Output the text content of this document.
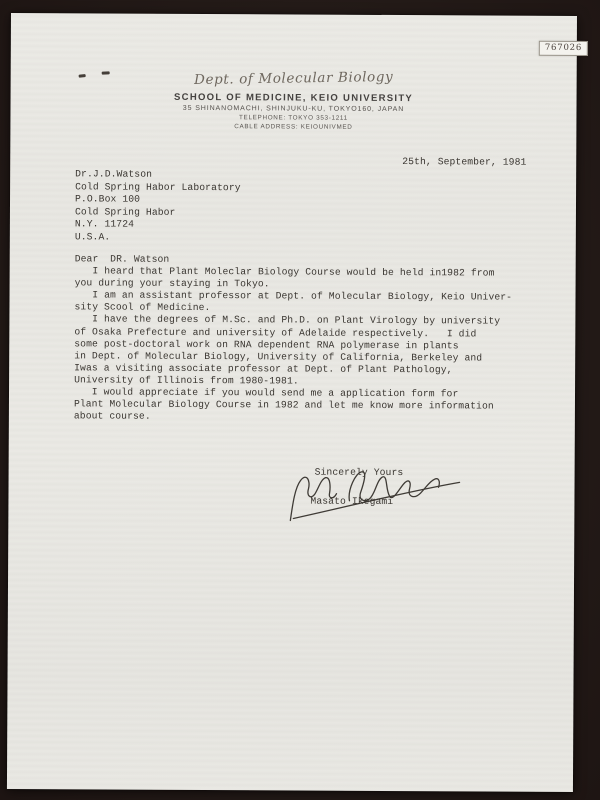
767026
Dept. of Molecular Biology
SCHOOL OF MEDICINE, KEIO UNIVERSITY
35 SHINANOMACHI, SHINJUKU-KU, TOKYO160, JAPAN
TELEPHONE: TOKYO 353-1211
CABLE ADDRESS: KEIOUNIVMED
25th, September, 1981
Dr.J.D.Watson
Cold Spring Habor Laboratory
P.O.Box 100
Cold Spring Habor
N.Y. 11724
U.S.A.
Dear  DR. Watson
I heard that Plant Moleclar Biology Course would be held in1982 from
you during your staying in Tokyo.
I am an assistant professor at Dept. of Molecular Biology, Keio Univer-
sity Scool of Medicine.
I have the degrees of M.Sc. and Ph.D. on Plant Virology by university
of Osaka Prefecture and university of Adelaide respectively.   I did
some post-doctoral work on RNA dependent RNA polymerase in plants
in Dept. of Molecular Biology, University of California, Berkeley and
Iwas a visiting associate professor at Dept. of Plant Pathology,
University of Illinois from 1980-1981.
I would appreciate if you would send me a application form for
Plant Molecular Biology Course in 1982 and let me know more information
about course.
Sincerely Yours
Masato Ikegami
